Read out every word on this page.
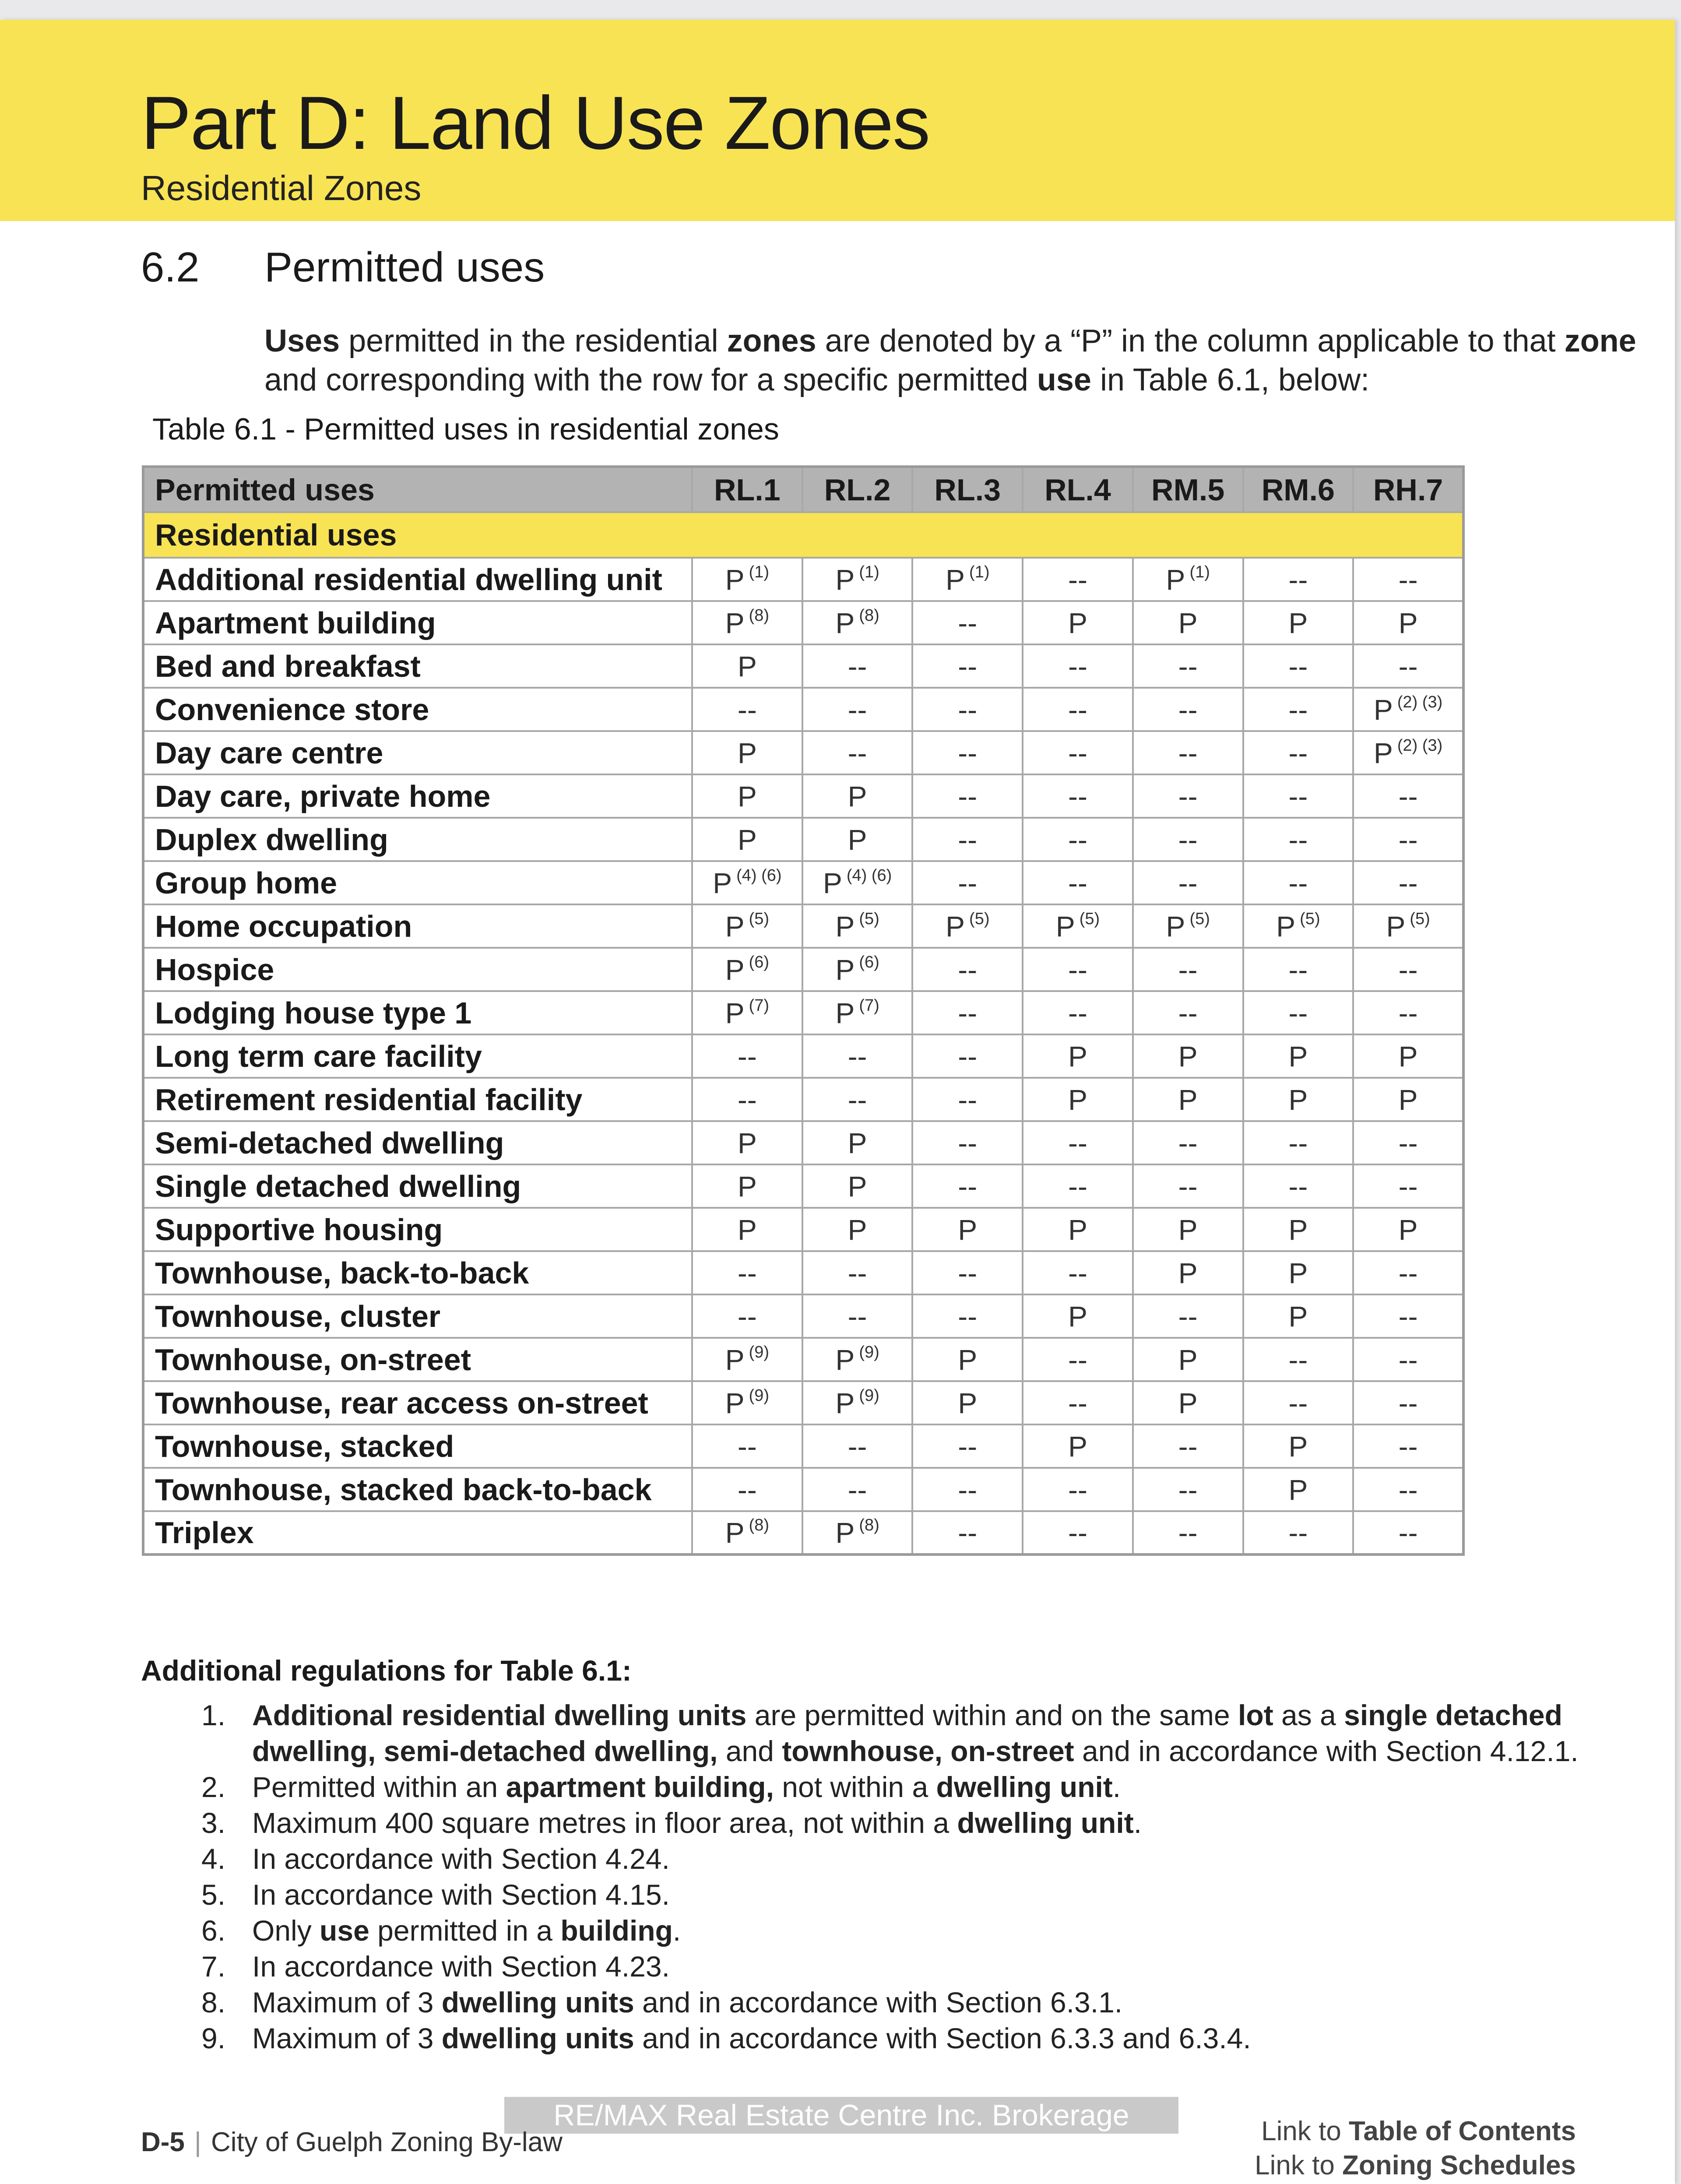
Part D: Land Use Zones
Residential Zones
6.2 Permitted uses

Uses permitted in the residential zones are denoted by a “P” in the column applicable to that zone

and corresponding with the row for a specific permitted use in Table 6.1, below:

Table 6.1 - Permitted uses in residential zones
Permitted uses	RL.1	RL.2	RL.3	RL.4	RM.5	RM.6	RH.7
Residential uses							
Additional residential dwelling unit	P $^{(1)}$	P $^{(1)}$	P $^{(1)}$	--	P $^{(1)}$	--	--
Apartment building	P $^{(8)}$	P $^{(8)}$	--	P	P	P	P
Bed and breakfast	P	--	--	--	--	--	--
Convenience store	--	--	--	--	--	--	P $^{(2) (3)}$
Day care centre	P	--	--	--	--	--	P $^{(2) (3)}$
Day care, private home	P	P	--	--	--	--	--
Duplex dwelling	P	P	--	--	--	--	--
Group home	P $^{(4) (6)}$	P $^{(4) (6)}$	--	--	--	--	--
Home occupation	P $^{(5)}$	P $^{(5)}$	P $^{(5)}$	P $^{(5)}$	P $^{(5)}$	P $^{(5)}$	P $^{(5)}$
Hospice	P $^{(6)}$	P $^{(6)}$	--	--	--	--	--
Lodging house type 1	P $^{(7)}$	P $^{(7)}$	--	--	--	--	--
Long term care facility	--	--	--	P	P	P	P
Retirement residential facility	--	--	--	P	P	P	P
Semi-detached dwelling	P	P	--	--	--	--	--
Single detached dwelling	P	P	--	--	--	--	--
Supportive housing	P	P	P	P	P	P	P
Townhouse, back-to-back	--	--	--	--	P	P	--
Townhouse, cluster	--	--	--	P	--	P	--
Townhouse, on-street	P $^{(9)}$	P $^{(9)}$	P	--	P	--	--
Townhouse, rear access on-street	P $^{(9)}$	P $^{(9)}$	P	--	P	--	--
Townhouse, stacked	--	--	--	P	--	P	--
Townhouse, stacked back-to-back	--	--	--	--	--	P	--
Triplex	P $^{(8)}$	P $^{(8)}$	--	--	--	--	--
Additional regulations for Table 6.1:
1. Additional residential dwelling units are permitted within and on the same lot as a single detached
dwelling, semi-detached dwelling, and townhouse, on-street and in accordance with Section 4.12.1.
2. Permitted within an apartment building, not within a dwelling unit.
3. Maximum 400 square metres in floor area, not within a dwelling unit.
4. In accordance with Section 4.24.
5. In accordance with Section 4.15.
6. Only use permitted in a building.
7. In accordance with Section 4.23.
8. Maximum of 3 dwelling units and in accordance with Section 6.3.1.
9. Maximum of 3 dwelling units and in accordance with Section 6.3.3 and 6.3.4.
RE/MAX Real Estate Centre Inc. Brokerage
D-5 | City of Guelph Zoning By-law	Link to Table of Contents
Link to Zoning Schedules
